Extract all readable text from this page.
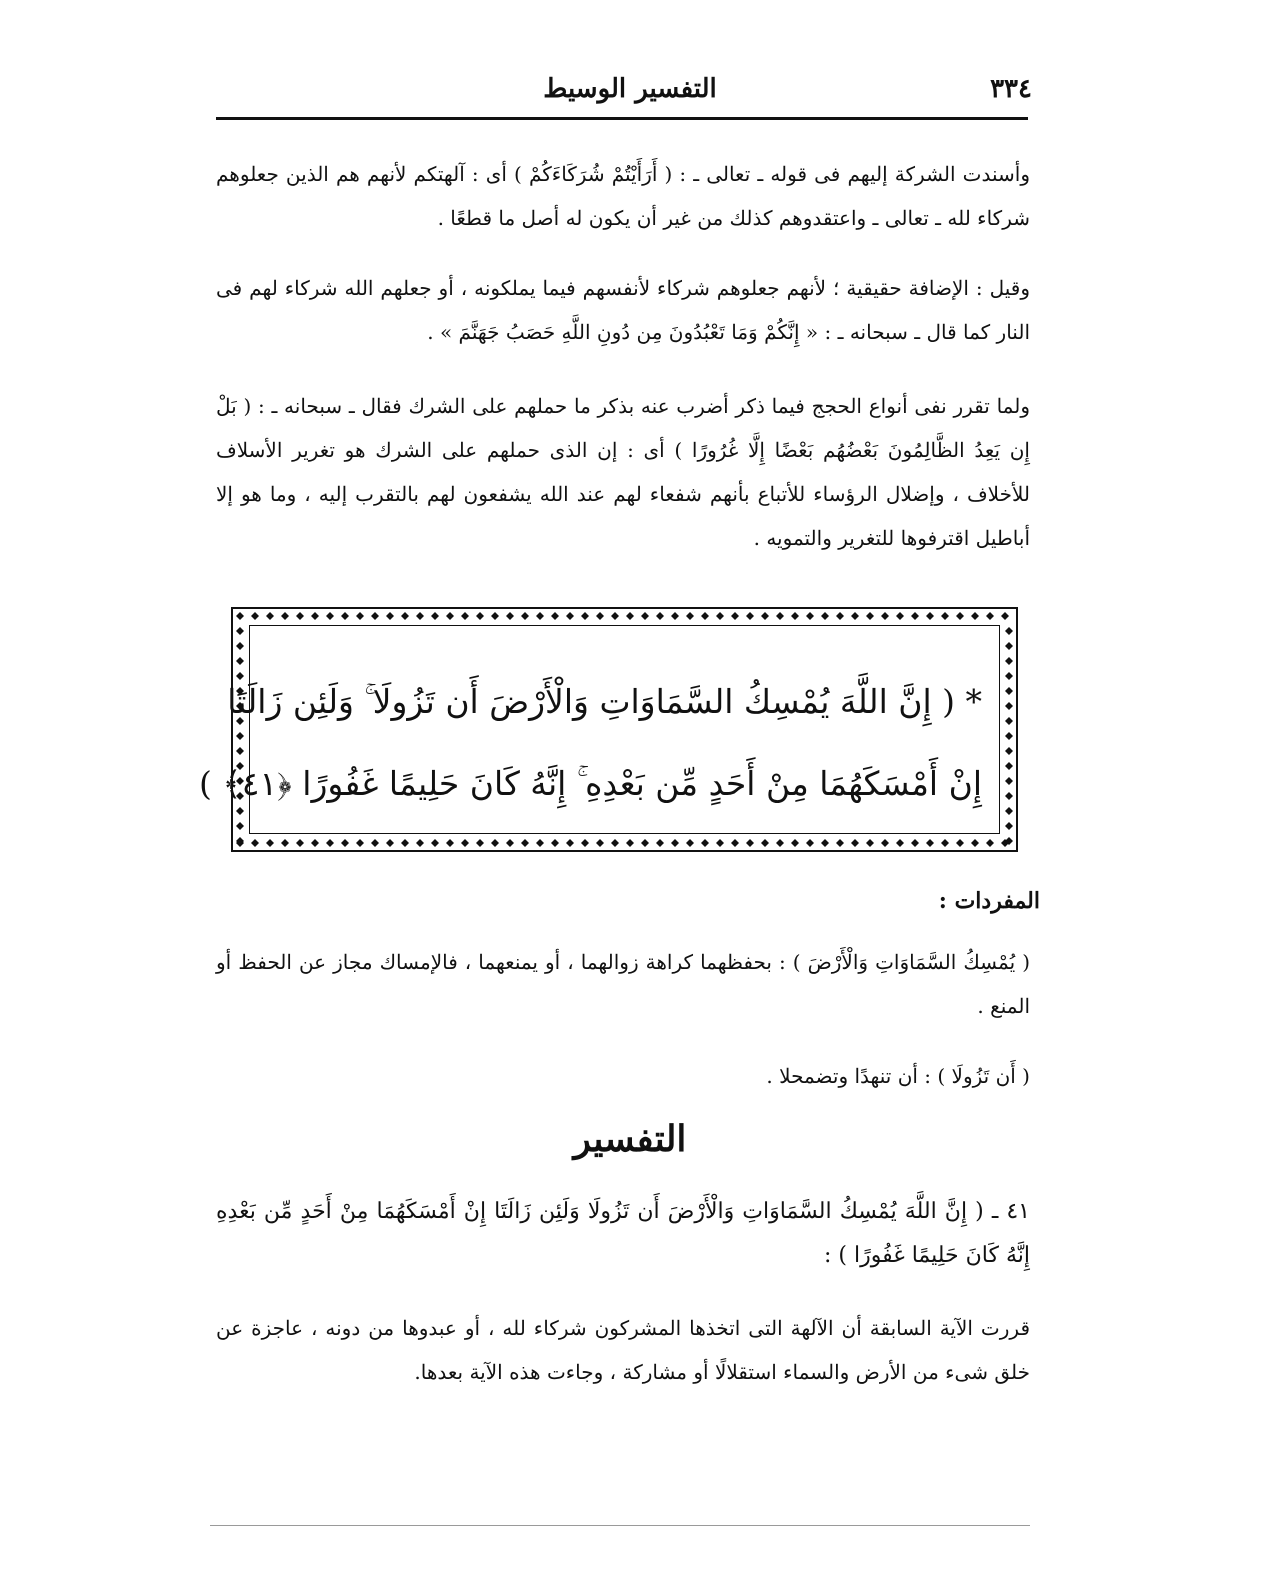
التفسير الوسيط	٣٣٤
وأسندت الشركة إليهم فى قوله ـ تعالى ـ : ( أَرَأَيْتُمْ شُرَكَاءَكُمْ ) أى : آلهتكم لأنهم هم الذين جعلوهم شركاء لله ـ تعالى ـ واعتقدوهم كذلك من غير أن يكون له أصل ما قطعًا .
وقيل : الإضافة حقيقية ؛ لأنهم جعلوهم شركاء لأنفسهم فيما يملكونه ، أو جعلهم الله شركاء لهم فى النار كما قال ـ سبحانه ـ : « إِنَّكُمْ وَمَا تَعْبُدُونَ مِن دُونِ اللَّهِ حَصَبُ جَهَنَّمَ » .
ولما تقرر نفى أنواع الحجج فيما ذكر أضرب عنه بذكر ما حملهم على الشرك فقال ـ سبحانه ـ : ( بَلْ إِن يَعِدُ الظَّالِمُونَ بَعْضُهُم بَعْضًا إِلَّا غُرُورًا ) أى : إن الذى حملهم على الشرك هو تغرير الأسلاف للأخلاف ، وإضلال الرؤساء للأتباع بأنهم شفعاء لهم عند الله يشفعون لهم بالتقرب إليه ، وما هو إلا أباطيل اقترفوها للتغرير والتمويه .
* ( إِنَّ اللَّهَ يُمْسِكُ السَّمَاوَاتِ وَالْأَرْضَ أَن تَزُولَا ۚ وَلَئِن زَالَتَا
إِنْ أَمْسَكَهُمَا مِنْ أَحَدٍ مِّن بَعْدِهِ ۚ إِنَّهُ كَانَ حَلِيمًا غَفُورًا ﴿٤١﴾ )
المفردات :
( يُمْسِكُ السَّمَاوَاتِ وَالْأَرْضَ ) : بحفظهما كراهة زوالهما ، أو يمنعهما ، فالإمساك مجاز عن الحفظ أو المنع .
( أَن تَزُولَا ) : أن تنهدًا وتضمحلا .
التفسير
٤١ ـ ( إِنَّ اللَّهَ يُمْسِكُ السَّمَاوَاتِ وَالْأَرْضَ أَن تَزُولَا وَلَئِن زَالَتَا إِنْ أَمْسَكَهُمَا مِنْ أَحَدٍ مِّن بَعْدِهِ إِنَّهُ كَانَ حَلِيمًا غَفُورًا ) :
قررت الآية السابقة أن الآلهة التى اتخذها المشركون شركاء لله ، أو عبدوها من دونه ، عاجزة عن خلق شىء من الأرض والسماء استقلالًا أو مشاركة ، وجاءت هذه الآية بعدها.
